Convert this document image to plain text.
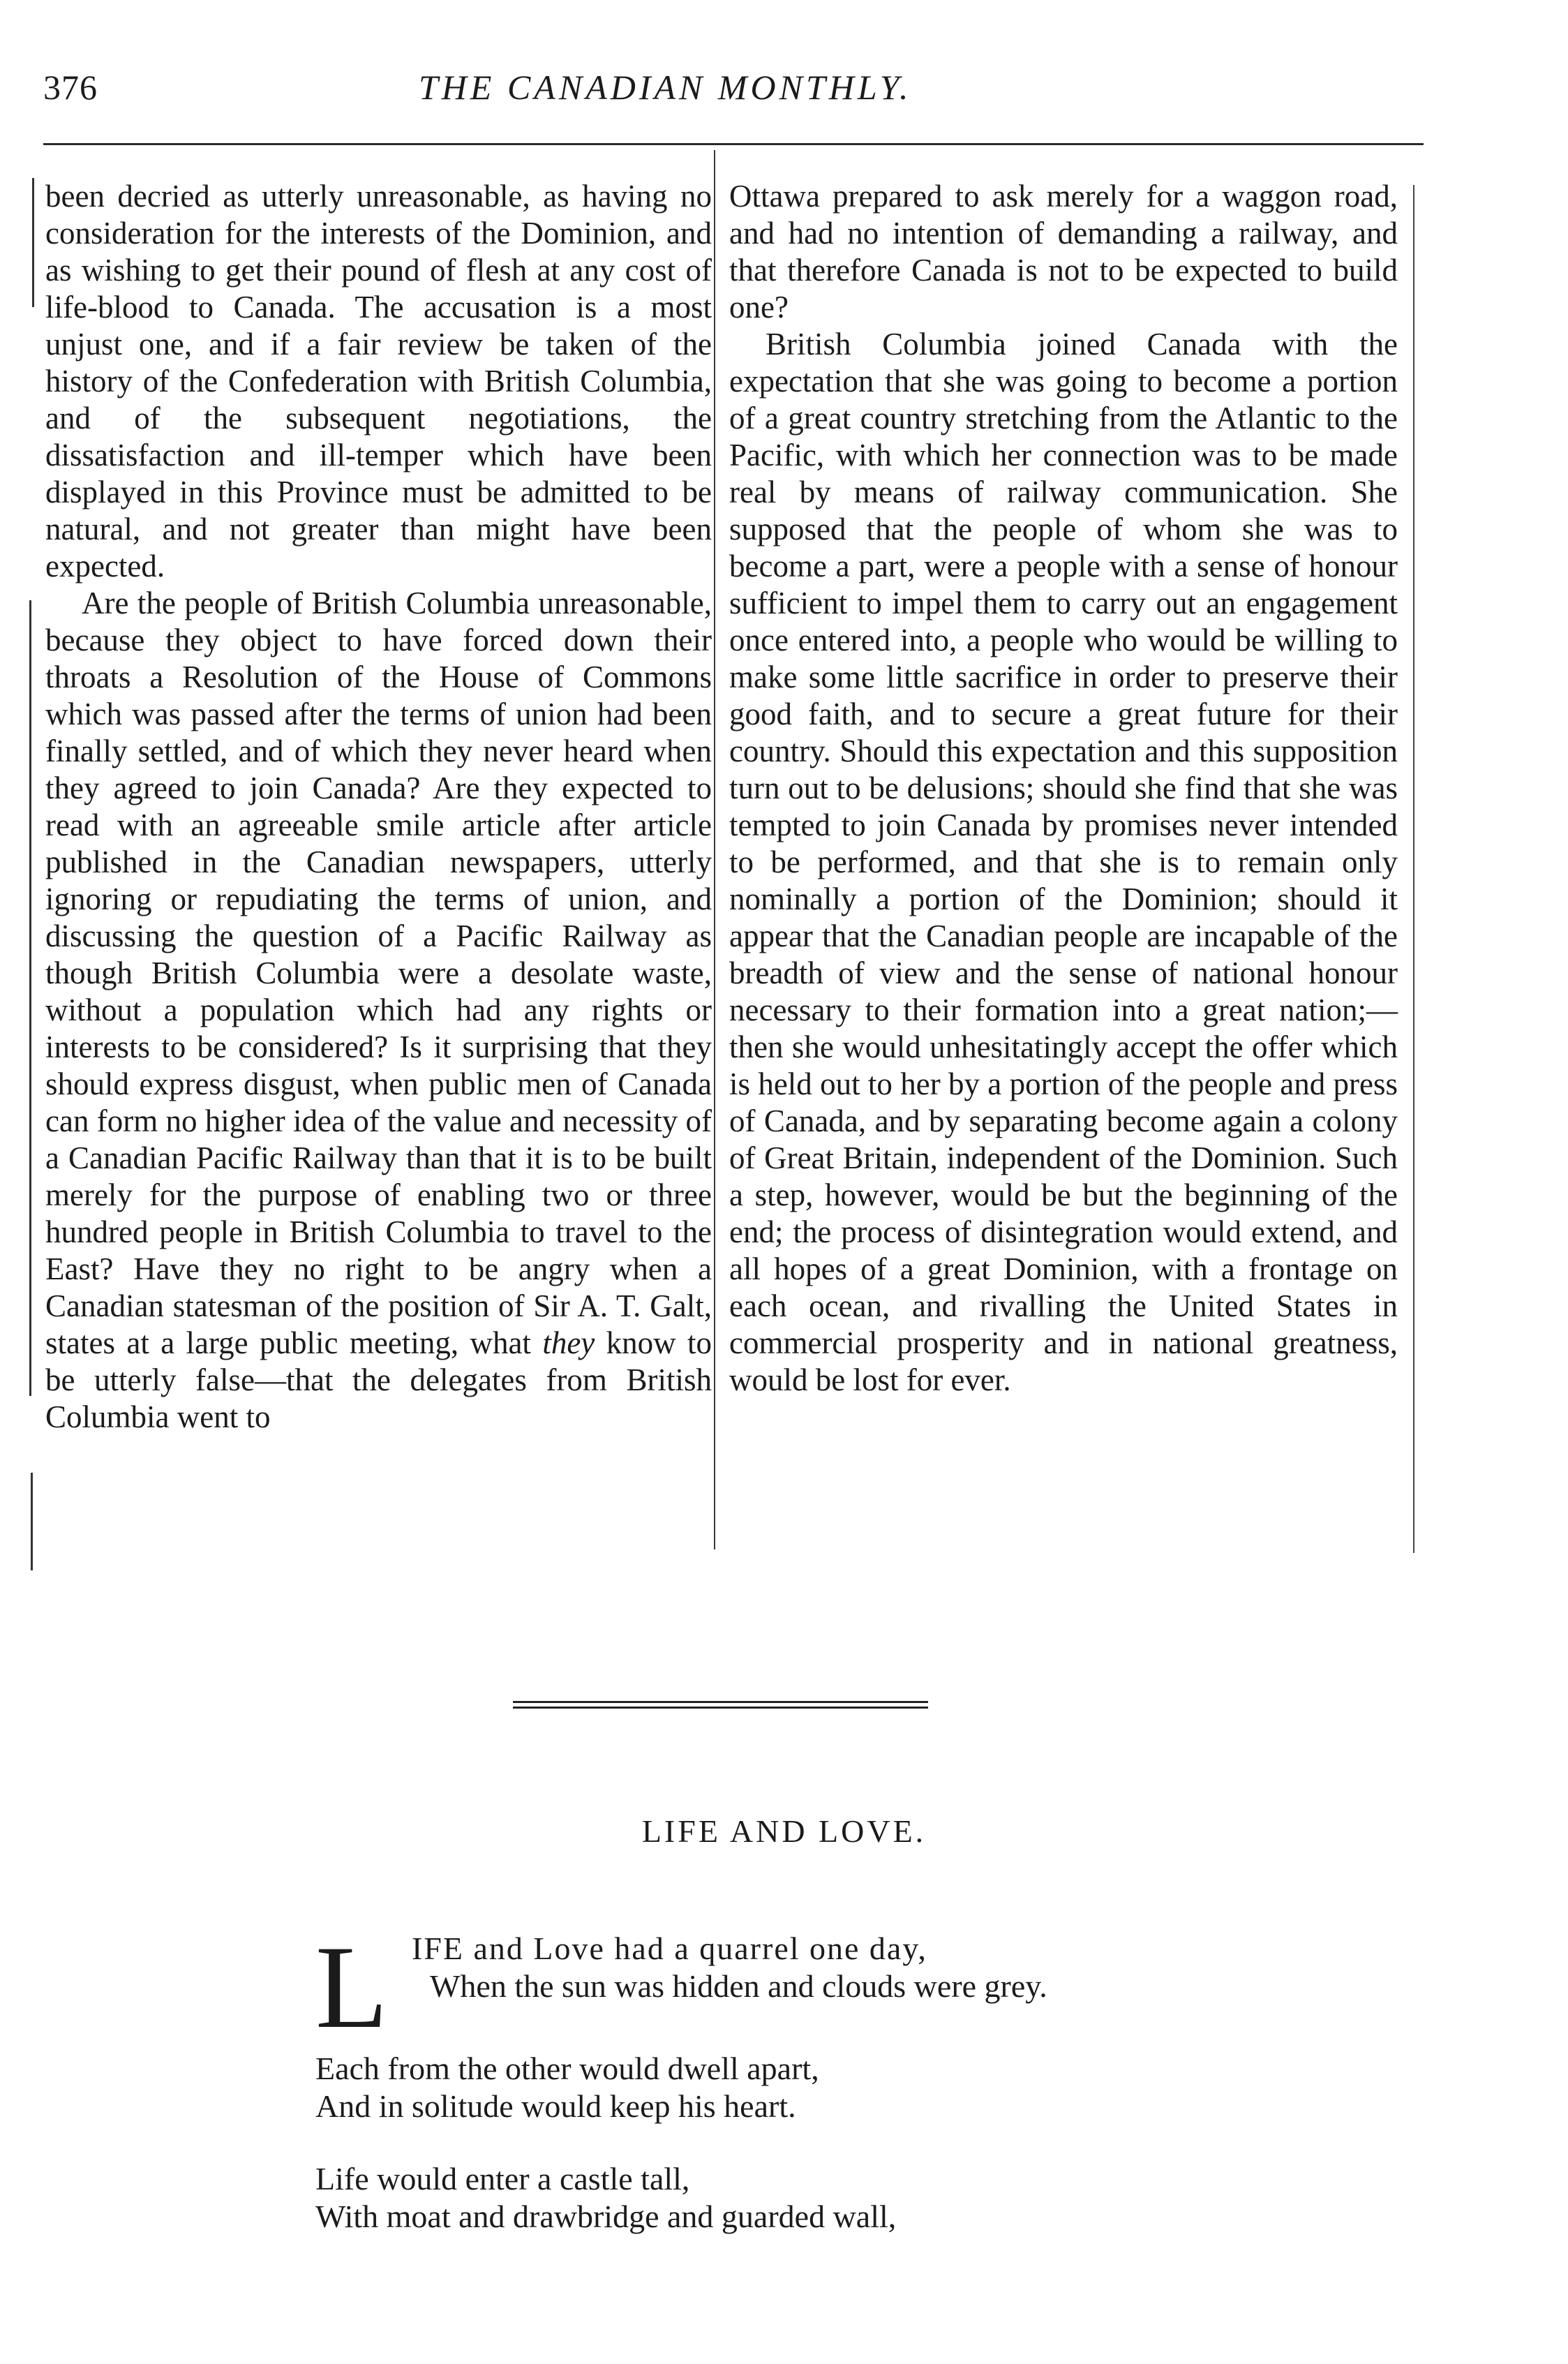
376	THE CANADIAN MONTHLY.

been decried as utterly unreasonable, as having no consideration for the interests of the Dominion, and as wishing to get their pound of flesh at any cost of life-blood to Canada. The accusation is a most unjust one, and if a fair review be taken of the history of the Confederation with British Columbia, and of the subsequent negotiations, the dissatisfaction and ill-temper which have been displayed in this Province must be admitted to be natural, and not greater than might have been expected.

Are the people of British Columbia unreasonable, because they object to have forced down their throats a Resolution of the House of Commons which was passed after the terms of union had been finally settled, and of which they never heard when they agreed to join Canada? Are they expected to read with an agreeable smile article after article published in the Canadian newspapers, utterly ignoring or repudiating the terms of union, and discussing the question of a Pacific Railway as though British Columbia were a desolate waste, without a population which had any rights or interests to be considered? Is it surprising that they should express disgust, when public men of Canada can form no higher idea of the value and necessity of a Canadian Pacific Railway than that it is to be built merely for the purpose of enabling two or three hundred people in British Columbia to travel to the East? Have they no right to be angry when a Canadian statesman of the position of Sir A. T. Galt, states at a large public meeting, what they know to be utterly false—that the delegates from British Columbia went to

Ottawa prepared to ask merely for a waggon road, and had no intention of demanding a railway, and that therefore Canada is not to be expected to build one?

British Columbia joined Canada with the expectation that she was going to become a portion of a great country stretching from the Atlantic to the Pacific, with which her connection was to be made real by means of railway communication. She supposed that the people of whom she was to become a part, were a people with a sense of honour sufficient to impel them to carry out an engagement once entered into, a people who would be willing to make some little sacrifice in order to preserve their good faith, and to secure a great future for their country. Should this expectation and this supposition turn out to be delusions; should she find that she was tempted to join Canada by promises never intended to be performed, and that she is to remain only nominally a portion of the Dominion; should it appear that the Canadian people are incapable of the breadth of view and the sense of national honour necessary to their formation into a great nation;—then she would unhesitatingly accept the offer which is held out to her by a portion of the people and press of Canada, and by separating become again a colony of Great Britain, independent of the Dominion. Such a step, however, would be but the beginning of the end; the process of disintegration would extend, and all hopes of a great Dominion, with a frontage on each ocean, and rivalling the United States in commercial prosperity and in national greatness, would be lost for ever.

LIFE AND LOVE.
L IFE and Love had a quarrel one day,
When the sun was hidden and clouds were grey.
Each from the other would dwell apart,
And in solitude would keep his heart.
Life would enter a castle tall,
With moat and drawbridge and guarded wall,
